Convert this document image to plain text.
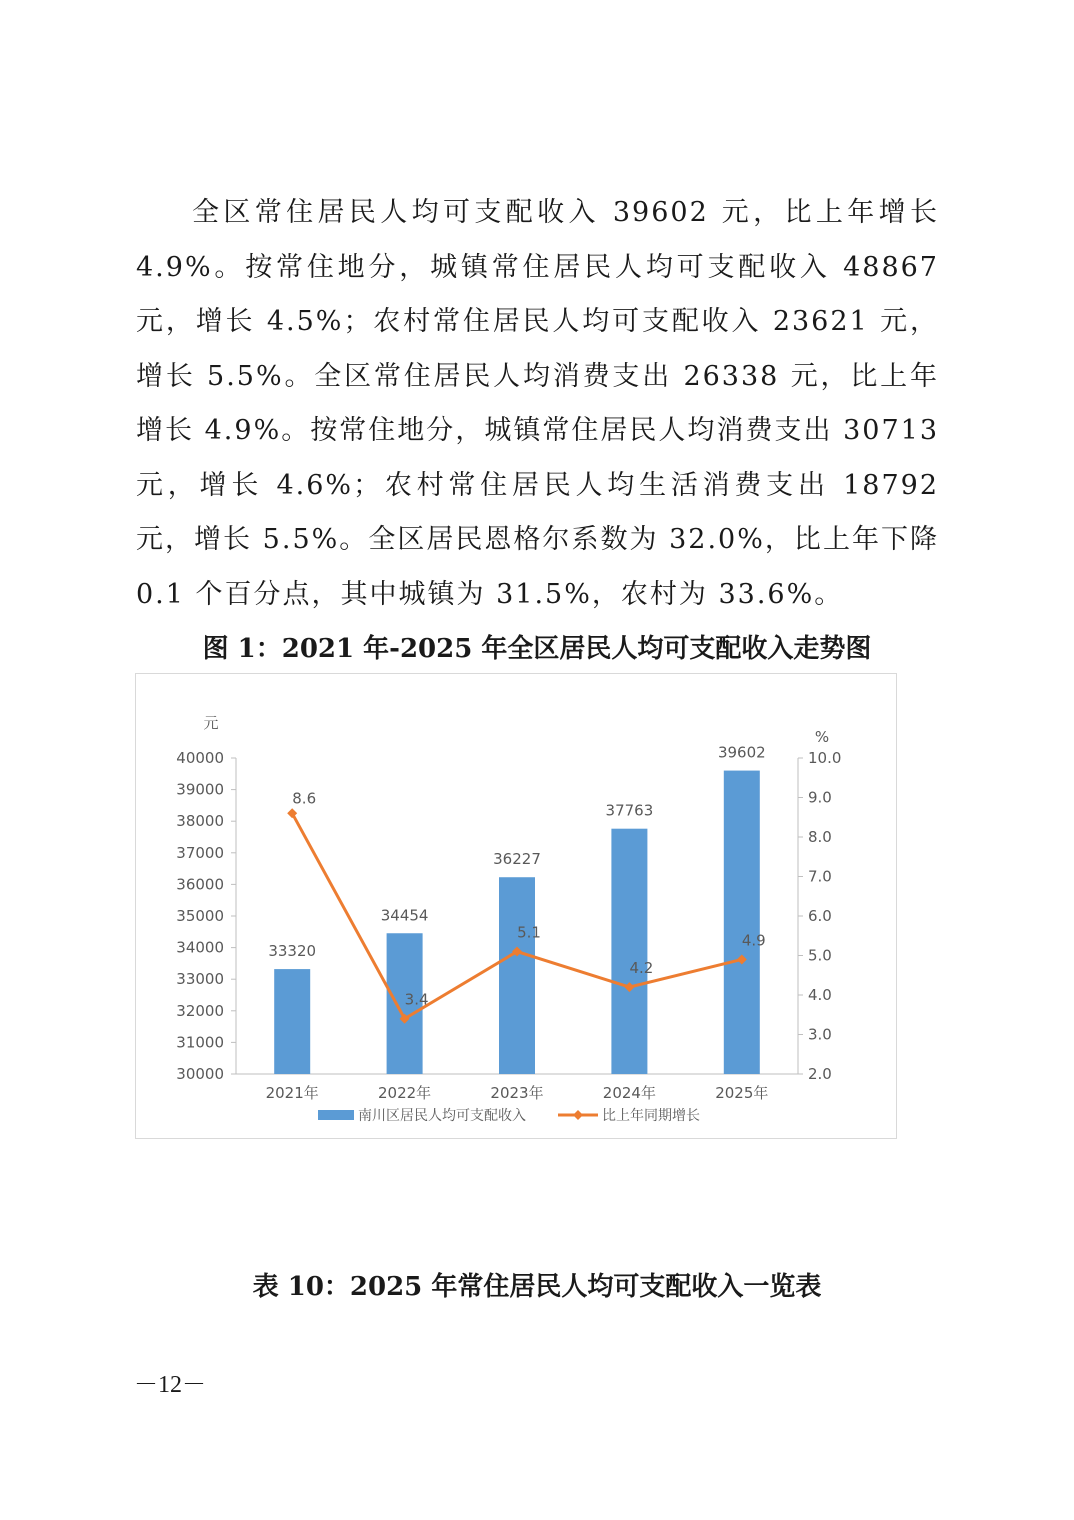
全区常住居民人均可支配收入 39602 元，比上年增长 4.9%。按常住地分，城镇常住居民人均可支配收入 48867 元，增长 4.5%；农村常住居民人均可支配收入 23621 元，增长 5.5%。全区常住居民人均消费支出 26338 元，比上年增长 4.9%。按常住地分，城镇常住居民人均消费支出 30713 元，增长 4.6%；农村常住居民人均生活消费支出 18792 元，增长 5.5%。全区居民恩格尔系数为 32.0%，比上年下降 0.1 个百分点，其中城镇为 31.5%，农村为 33.6%。

图 1：2021 年-2025 年全区居民人均可支配收入走势图
30000
31000
32000
33000
34000
35000
36000
37000
38000
39000
40000
2.0
3.0
4.0
5.0
6.0
7.0
8.0
9.0
10.0
元
%
33320
34454
36227
37763
39602
2021年	2022年	2023年	2024年	2025年
8.6
3.4
5.1
4.2
4.9
南川区居民人均可支配收入	比上年同期增长
表 10：2025 年常住居民人均可支配收入一览表
－12－
